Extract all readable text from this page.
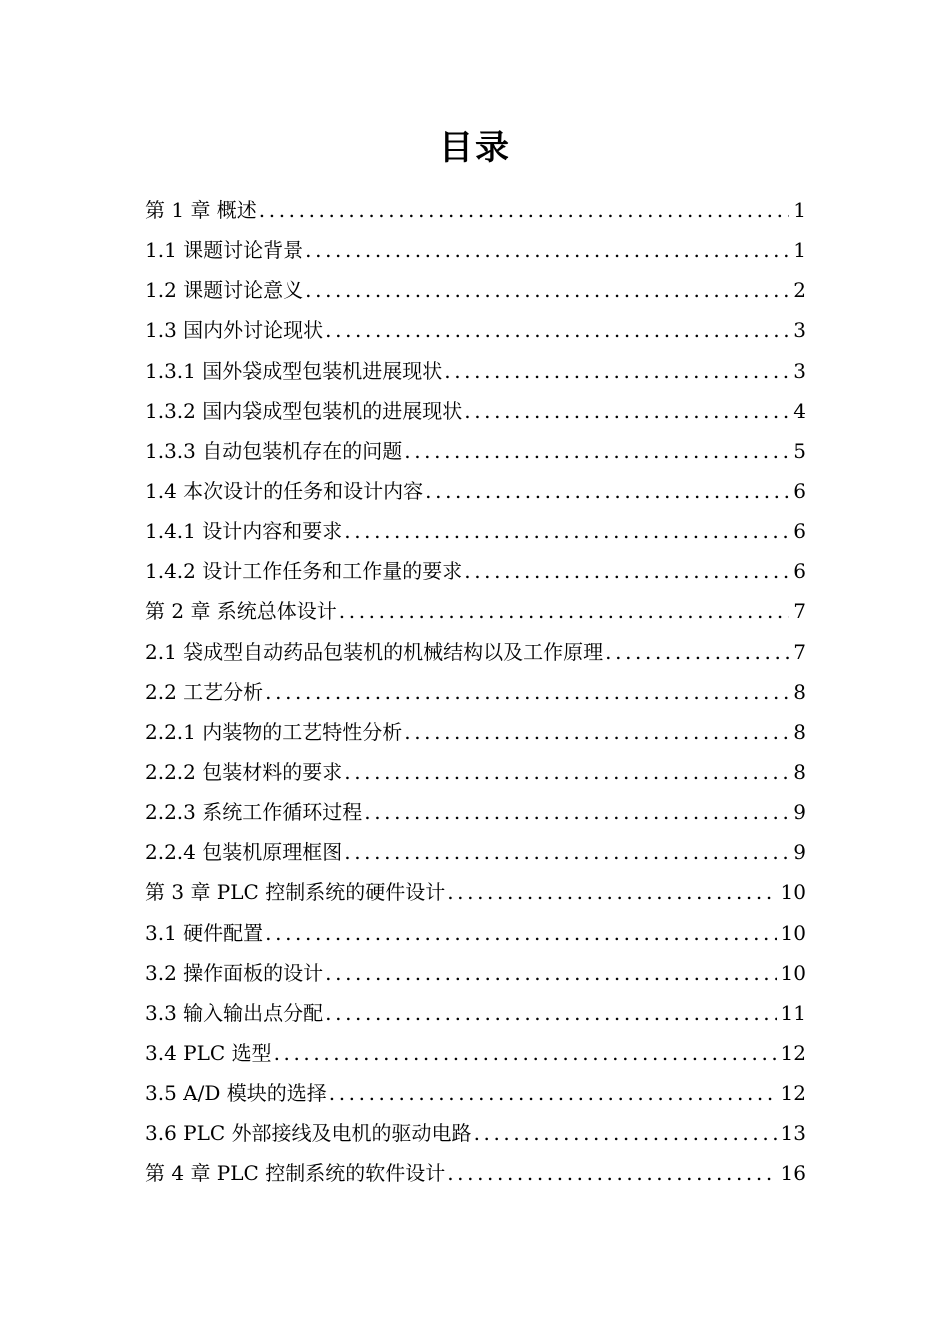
目录
第 1 章 概述 .....	1
1.1 课题讨论背景 .....	1
1.2 课题讨论意义 .....	2
1.3 国内外讨论现状 .....	3
1.3.1 国外袋成型包装机进展现状 .....	3
1.3.2 国内袋成型包装机的进展现状 .....	4
1.3.3 自动包装机存在的问题 .....	5
1.4 本次设计的任务和设计内容 .....	6
1.4.1 设计内容和要求 .....	6
1.4.2 设计工作任务和工作量的要求 .....	6
第 2 章 系统总体设计 .....	7
2.1 袋成型自动药品包装机的机械结构以及工作原理 .....	7
2.2 工艺分析 .....	8
2.2.1 内装物的工艺特性分析 .....	8
2.2.2 包装材料的要求 .....	8
2.2.3 系统工作循环过程 .....	9
2.2.4 包装机原理框图 .....	9
第 3 章 PLC 控制系统的硬件设计 .....	10
3.1 硬件配置 .....	10
3.2 操作面板的设计 .....	10
3.3 输入输出点分配 .....	11
3.4 PLC 选型 .....	12
3.5 A/D 模块的选择 .....	12
3.6 PLC 外部接线及电机的驱动电路 .....	13
第 4 章 PLC 控制系统的软件设计 .....	16
